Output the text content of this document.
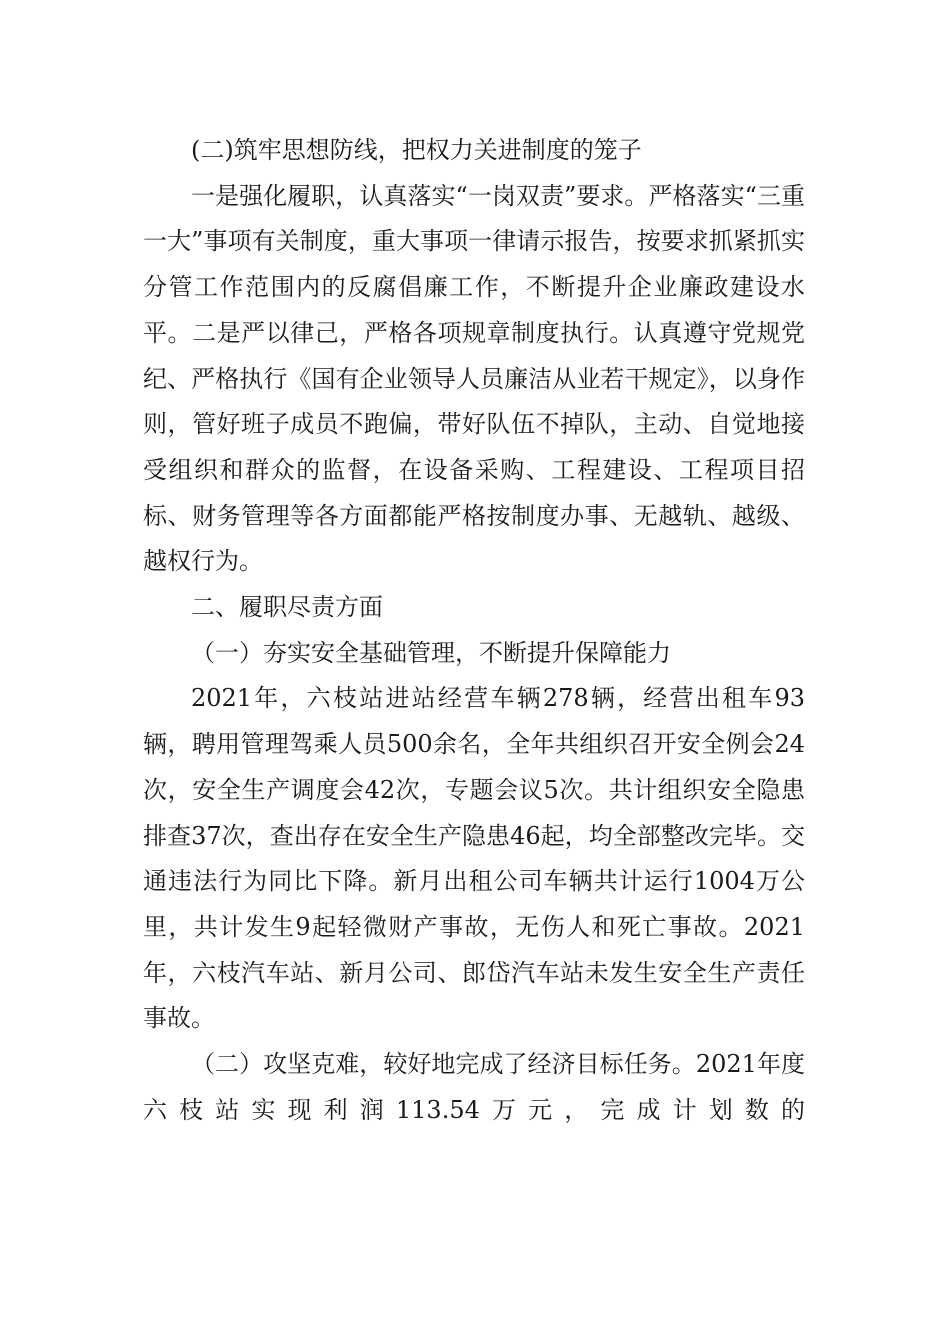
(二)筑牢思想防线，把权力关进制度的笼子

一是强化履职，认真落实“一岗双责”要求。严格落实“三重一大”事项有关制度，重大事项一律请示报告，按要求抓紧抓实分管工作范围内的反腐倡廉工作，不断提升企业廉政建设水平。二是严以律己，严格各项规章制度执行。认真遵守党规党纪、严格执行《国有企业领导人员廉洁从业若干规定》，以身作则，管好班子成员不跑偏，带好队伍不掉队，主动、自觉地接受组织和群众的监督，在设备采购、工程建设、工程项目招标、财务管理等各方面都能严格按制度办事、无越轨、越级、越权行为。

二、履职尽责方面

（一）夯实安全基础管理，不断提升保障能力

2021年，六枝站进站经营车辆278辆，经营出租车93辆，聘用管理驾乘人员500余名，全年共组织召开安全例会24次，安全生产调度会42次，专题会议5次。共计组织安全隐患排查37次，查出存在安全生产隐患46起，均全部整改完毕。交通违法行为同比下降。新月出租公司车辆共计运行1004万公里，共计发生9起轻微财产事故，无伤人和死亡事故。2021年，六枝汽车站、新月公司、郎岱汽车站未发生安全生产责任事故。

（二）攻坚克难，较好地完成了经济目标任务。2021年度六枝站实现利润113.54万元，完成计划数的
